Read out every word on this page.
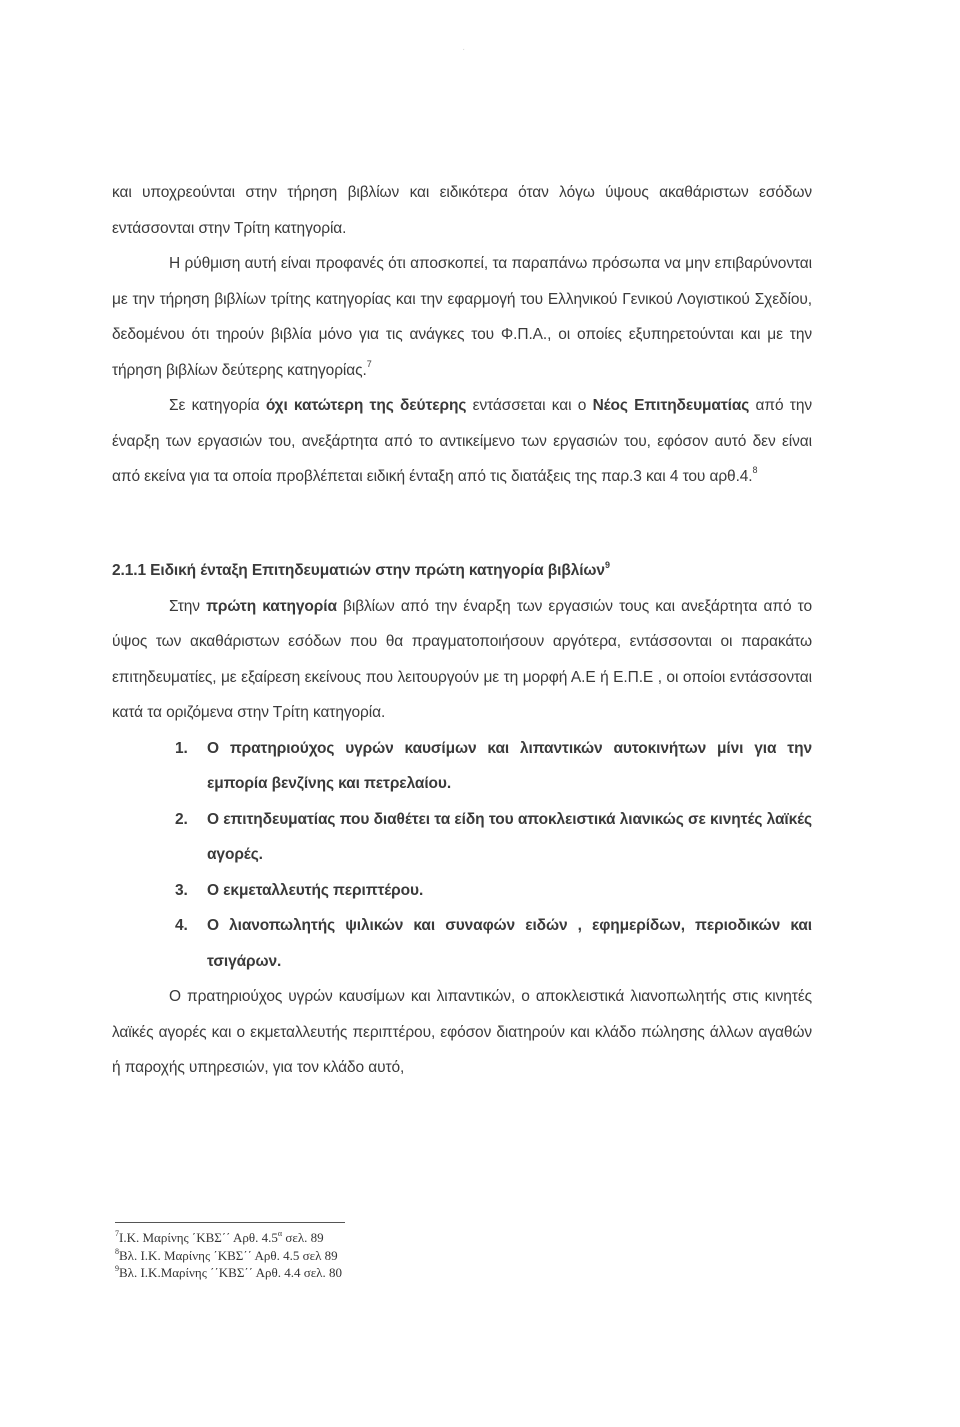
·

και υποχρεούνται στην τήρηση βιβλίων και ειδικότερα όταν λόγω ύψους ακαθάριστων εσόδων εντάσσονται στην Τρίτη κατηγορία.

Η ρύθμιση αυτή είναι προφανές ότι αποσκοπεί, τα παραπάνω πρόσωπα να μην επιβαρύνονται με την τήρηση βιβλίων τρίτης κατηγορίας και την εφαρμογή του Ελληνικού Γενικού Λογιστικού Σχεδίου, δεδομένου ότι τηρούν βιβλία μόνο για τις ανάγκες του Φ.Π.Α., οι οποίες εξυπηρετούνται και με την τήρηση βιβλίων δεύτερης κατηγορίας.$^7$

Σε κατηγορία όχι κατώτερη της δεύτερης εντάσσεται και ο Νέος Επιτηδευματίας από την έναρξη των εργασιών του, ανεξάρτητα από το αντικείμενο των εργασιών του, εφόσον αυτό δεν είναι από εκείνα για τα οποία προβλέπεται ειδική ένταξη από τις διατάξεις της παρ.3 και 4 του αρθ.4.$^8$

2.1.1 Ειδική ένταξη Επιτηδευματιών στην πρώτη κατηγορία βιβλίων$^9$

Στην πρώτη κατηγορία βιβλίων από την έναρξη των εργασιών τους και ανεξάρτητα από το ύψος των ακαθάριστων εσόδων που θα πραγματοποιήσουν αργότερα, εντάσσονται οι παρακάτω επιτηδευματίες, με εξαίρεση εκείνους που λειτουργούν με τη μορφή Α.Ε ή Ε.Π.Ε , οι οποίοι εντάσσονται κατά τα οριζόμενα στην Τρίτη κατηγορία.

1. Ο πρατηριούχος υγρών καυσίμων και λιπαντικών αυτοκινήτων μίνι για την εμπορία βενζίνης και πετρελαίου.
2. Ο επιτηδευματίας που διαθέτει τα είδη του αποκλειστικά λιανικώς σε κινητές λαϊκές αγορές.
3. Ο εκμεταλλευτής περιπτέρου.
4. Ο λιανοπωλητής ψιλικών και συναφών ειδών , εφημερίδων, περιοδικών και τσιγάρων.

Ο πρατηριούχος υγρών καυσίμων και λιπαντικών, ο αποκλειστικά λιανοπωλητής στις κινητές λαϊκές αγορές και ο εκμεταλλευτής περιπτέρου, εφόσον διατηρούν και κλάδο πώλησης άλλων αγαθών ή παροχής υπηρεσιών, για τον κλάδο αυτό,

$^7$Ι.Κ. Μαρίνης ΄ΚΒΣ΄΄ Αρθ. $4.5^\alpha$ σελ. 89
$^8$Βλ. Ι.Κ. Μαρίνης ΄ΚΒΣ΄΄ Αρθ. 4.5 σελ 89
$^9$Βλ. Ι.Κ.Μαρίνης ΄΄ΚΒΣ΄΄ Αρθ. 4.4 σελ. 80
